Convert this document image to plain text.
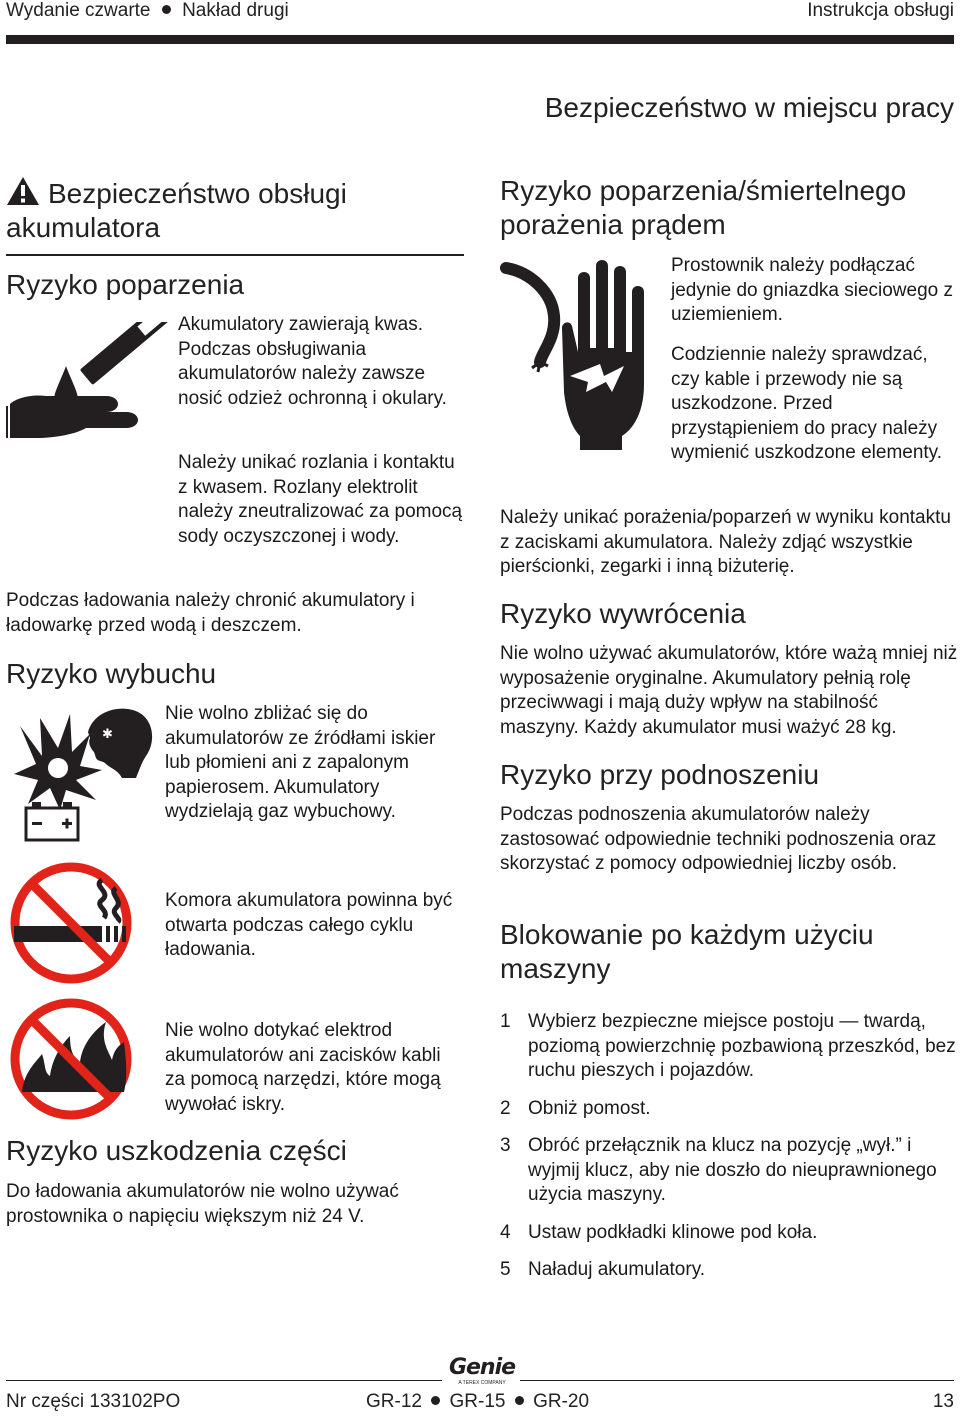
Wydanie czwarte Nakład drugi	Instrukcja obsługi
Bezpieczeństwo w miejscu pracy
Bezpieczeństwo obsługi akumulatora
Ryzyko poparzenia
Akumulatory zawierają kwas. Podczas obsługiwania akumulatorów należy zawsze nosić odzież ochronną i okulary.
Należy unikać rozlania i kontaktu z kwasem. Rozlany elektrolit należy zneutralizować za pomocą sody oczyszczonej i wody.
Podczas ładowania należy chronić akumulatory i ładowarkę przed wodą i deszczem.
Ryzyko wybuchu
✱
Nie wolno zbliżać się do akumulatorów ze źródłami iskier lub płomieni ani z zapalonym papierosem. Akumulatory wydzielają gaz wybuchowy.
Komora akumulatora powinna być otwarta podczas całego cyklu ładowania.
Nie wolno dotykać elektrod akumulatorów ani zacisków kabli za pomocą narzędzi, które mogą wywołać iskry.
Ryzyko uszkodzenia części
Do ładowania akumulatorów nie wolno używać prostownika o napięciu większym niż 24 V.
Ryzyko poparzenia/śmiertelnego porażenia prądem
Prostownik należy podłączać jedynie do gniazdka sieciowego z uziemieniem.
Codziennie należy sprawdzać, czy kable i przewody nie są uszkodzone. Przed przystąpieniem do pracy należy wymienić uszkodzone elementy.
Należy unikać porażenia/poparzeń w wyniku kontaktu z zaciskami akumulatora. Należy zdjąć wszystkie pierścionki, zegarki i inną biżuterię.
Ryzyko wywrócenia
Nie wolno używać akumulatorów, które ważą mniej niż wyposażenie oryginalne. Akumulatory pełnią rolę przeciwwagi i mają duży wpływ na stabilność maszyny. Każdy akumulator musi ważyć 28 kg.
Ryzyko przy podnoszeniu
Podczas podnoszenia akumulatorów należy zastosować odpowiednie techniki podnoszenia oraz skorzystać z pomocy odpowiedniej liczby osób.
Blokowanie po każdym użyciu maszyny
1 Wybierz bezpieczne miejsce postoju — twardą, poziomą powierzchnię pozbawioną przeszkód, bez ruchu pieszych i pojazdów.
2 Obniż pomost.
3 Obróć przełącznik na klucz na pozycję „wył.” i wyjmij klucz, aby nie doszło do nieuprawnionego użycia maszyny.
4 Ustaw podkładki klinowe pod koła.
5 Naładuj akumulatory.
Genie
A TEREX COMPANY
Nr części 133102PO	GR-12 GR-15 GR-20	13
